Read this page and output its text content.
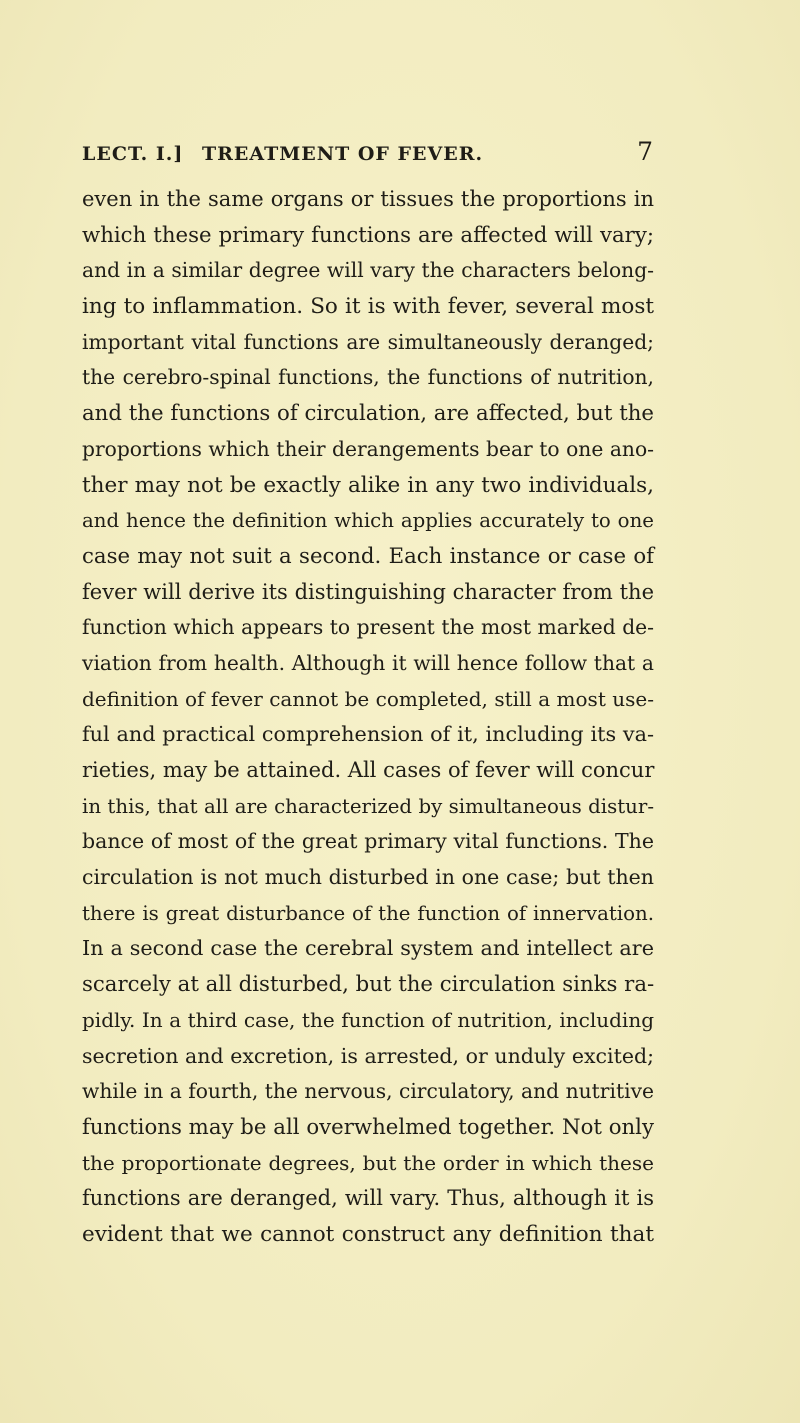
LECT. I.] TREATMENT OF FEVER.	7
even in the same organs or tissues the proportions in
which these primary functions are affected will vary;
and in a similar degree will vary the characters belong-
ing to inflammation. So it is with fever, several most
important vital functions are simultaneously deranged;
the cerebro-spinal functions, the functions of nutrition,
and the functions of circulation, are affected, but the
proportions which their derangements bear to one ano-
ther may not be exactly alike in any two individuals,
and hence the definition which applies accurately to one
case may not suit a second. Each instance or case of
fever will derive its distinguishing character from the
function which appears to present the most marked de-
viation from health. Although it will hence follow that a
definition of fever cannot be completed, still a most use-
ful and practical comprehension of it, including its va-
rieties, may be attained. All cases of fever will concur
in this, that all are characterized by simultaneous distur-
bance of most of the great primary vital functions. The
circulation is not much disturbed in one case; but then
there is great disturbance of the function of innervation.
In a second case the cerebral system and intellect are
scarcely at all disturbed, but the circulation sinks ra-
pidly. In a third case, the function of nutrition, including
secretion and excretion, is arrested, or unduly excited;
while in a fourth, the nervous, circulatory, and nutritive
functions may be all overwhelmed together. Not only
the proportionate degrees, but the order in which these
functions are deranged, will vary. Thus, although it is
evident that we cannot construct any definition that
